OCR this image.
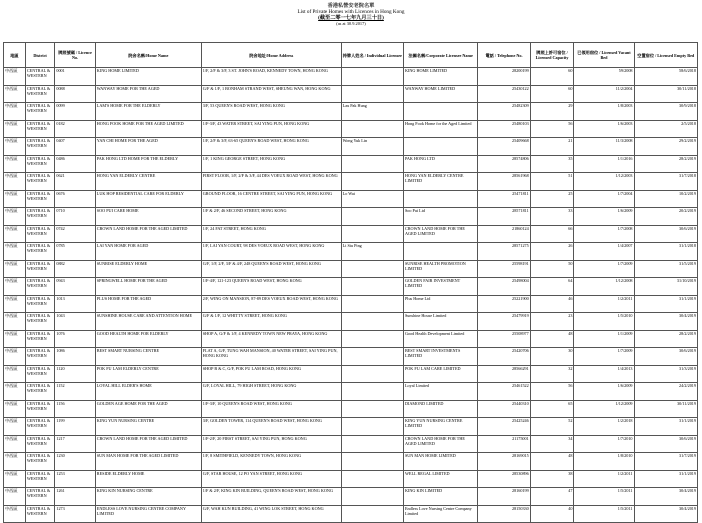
香港私營安老院名單
List of Private Homes with Licences in Hong Kong
(截至二零一七年九月三十日)
(as at 30.9.2017)
地區	District	牌照號碼 / Licence No.	院舍名稱/Home Name	院舍地址/Home Address	持牌人姓名 / Individual Licensee	法團名稱/Corporate Licensee Name	電話 / Telephone No.	牌照上許可宿位 / Licensed Capacity	已領用宿位 / Licensed Vacant Bed	空置宿位 / Licensed Empty Bed
中西區	CENTRAL & WESTERN	0001	KING HOME LIMITED	1/F, 2/F & 3/F, 3 ST. JOHN'S ROAD, KENNEDY TOWN, HONG KONG		KING HOME LIMITED	28200199	60	59/2008	58/6/2018
中西區	CENTRAL & WESTERN	0088	WANWAY HOME FOR THE AGED	G/F & 1/F, 1 BONHAM STRAND WEST, SHEUNG WAN, HONG KONG		WANWAY HOME LIMITED	25430122	60	11/2/2004	30/11/2018
中西區	CENTRAL & WESTERN	0099	LAM'S HOME FOR THE ELDERLY	3/F, 53 QUEEN'S ROAD WEST, HONG KONG	Lau Pak Hung		25482309	29	1/8/2003	30/9/2018
中西區	CENTRAL & WESTERN	0182	HONG FOOK HOME FOR THE AGED LIMITED	1/F-3/F, 43 WATER STREET, SAI YING PUN, HONG KONG		Hong Fook Home for the Aged Limited	25480103	56	1/6/2003	2/5/2018
中西區	CENTRAL & WESTERN	0407	YAN CHI HOME FOR THE AGED	1/F, 2/F & 3/F, 63-65 QUEEN'S ROAD WEST, HONG KONG	Wong Yuk Lin		25409668	21	11/3/2008	29/2/2019
中西區	CENTRAL & WESTERN	0486	PAK HONG LTD HOME FOR THE ELDERLY	1/F, 1 KING GEORGE STREET, HONG KONG		PAK HONG LTD	28574806	35	1/1/2016	28/2/2019
中西區	CENTRAL & WESTERN	0621	HONG YAN ELDERLY CENTRE	FIRST FLOOR, 1/F, 2/F & 3/F, 44 DES VOEUX ROAD WEST, HONG KONG		HONG YAN ELDERLY CENTRE LIMITED	28561968	51	1/12/2003	31/7/2018
中西區	CENTRAL & WESTERN	0676	LUK HOP RESIDENTIAL CARE FOR ELDERLY	GROUND FLOOR, 16 CENTRE STREET, SAI YING PUN, HONG KONG	Lo Wai		25471811	25	1/7/2004	10/2/2019
中西區	CENTRAL & WESTERN	0710	SOO PUI CARE HOME	1/F & 2/F, 46 SECOND STREET, HONG KONG		Soo Pui Ltd	28571811	33	1/6/2009	20/2/2019
中西區	CENTRAL & WESTERN	0742	CROWN LAND HOME FOR THE AGED LIMITED	1/F, 24 FAT STREET, HONG KONG		CROWN LAND HOME FOR THE AGED LIMITED	21860124	66	1/7/2008	30/6/2019
中西區	CENTRAL & WESTERN	0785	LAI YAN HOME FOR AGED	1/F, LAI YAN COURT, 98 DES VOEUX ROAD WEST, HONG KONG	Li Siu Ping		28571275	26	1/4/2007	31/1/2018
中西區	CENTRAL & WESTERN	0882	SUNRISE ELDERLY HOME	G/F, 1/F, 2/F, 3/F & 4/F, 248 QUEEN'S ROAD WEST, HONG KONG		SUNRISE HEALTH PROMOTION LIMITED	25598191	50	1/7/2009	31/5/2019
中西區	CENTRAL & WESTERN	0943	SPRINGWELL HOME FOR THE AGED	1/F-4/F, 121-123 QUEEN'S ROAD WEST, HONG KONG		GOLDEN FAIR INVESTMENT LIMITED	25498004	64	1/12/2008	31/10/2019
中西區	CENTRAL & WESTERN	1013	PLUS HOME FOR THE AGED	2/F, WING ON MANSION, 87-89 DES VOEUX ROAD WEST, HONG KONG		Plus Home Ltd	25221900	46	1/2/2011	31/1/2019
中西區	CENTRAL & WESTERN	1043	SUNSHINE HOUSE CARE AND ATTENTION HOME	G/F & 1/F, 12 WHITTY STREET, HONG KONG		Sunshine House Limited	25479919	23	1/5/2010	30/4/2019
中西區	CENTRAL & WESTERN	1076	GOOD HEALTH HOME FOR ELDERLY	SHOP A, G/F & 1/F, 4 KENNEDY TOWN NEW PRAYA, HONG KONG		Good Health Development Limited	25508977	48	1/1/2009	28/2/2019
中西區	CENTRAL & WESTERN	1086	BEST SMART NURSING CENTRE	FLAT A, G/F, TUNG WAH MANSION, 40 WATER STREET, SAI YING PUN, HONG KONG		BEST SMART INVESTMENTS LIMITED	25420706	30	1/7/2009	30/6/2019
中西區	CENTRAL & WESTERN	1120	POK FU LAM ELDERLY CENTRE	SHOP B & C, G/F, POK FU LAM ROAD, HONG KONG		POK FU LAM CARE LIMITED	28566291	32	1/4/2013	31/3/2019
中西區	CENTRAL & WESTERN	1152	LOYAL HILL ELDER'S HOME	G/F, LOYAL HILL, 79 HIGH STREET, HONG KONG		Loyal Limited	25461522	56	1/6/2009	24/2/2019
中西區	CENTRAL & WESTERN	1156	GOLDEN AGE HOME FOR THE AGED	1/F-3/F, 10 QUEEN'S ROAD WEST, HONG KONG		DIAMOND LIMITED	25440310	65	1/12/2009	30/11/2019
中西區	CENTRAL & WESTERN	1199	KING YUN NURSING CENTRE	3/F, GOLDEN TOWER, 114 QUEEN'S ROAD WEST, HONG KONG		KING YUN NURSING CENTRE LIMITED	25425246	52	1/2/2018	31/1/2019
中西區	CENTRAL & WESTERN	1217	CROWN LAND HOME FOR THE AGED LIMITED	1/F-2/F, 20 FIRST STREET, SAI YING PUN, HONG KONG		CROWN LAND HOME FOR THE AGED LIMITED	21175001	34	1/7/2010	30/6/2019
中西區	CENTRAL & WESTERN	1230	SUN MAN HOME FOR THE AGED LIMITED	1/F, 8 SMITHFIELD, KENNEDY TOWN, HONG KONG		SUN MAN HOME LIMITED	28169015	48	1/8/2010	31/7/2019
中西區	CENTRAL & WESTERN	1253	RESIDE ELDERLY HOME	G/F, STAR HOUSE, 12 PO YAN STREET, HONG KONG		WELL REGAL LIMITED	28530896	38	1/2/2011	31/1/2019
中西區	CENTRAL & WESTERN	1261	KING KIN NURSING CENTRE	1/F & 2/F, KING KIN BUILDING, QUEEN'S ROAD WEST, HONG KONG		KING KIN LIMITED	28160199	47	1/5/2011	30/4/2019
中西區	CENTRAL & WESTERN	1273	ENDLESS LOVE NURSING CENTRE COMPANY LIMITED	G/F, WAH KUN BUILDING, 41 WING LOK STREET, HONG KONG		Endless Love Nursing Centre Company Limited	28150330	40	1/5/2011	30/4/2019
